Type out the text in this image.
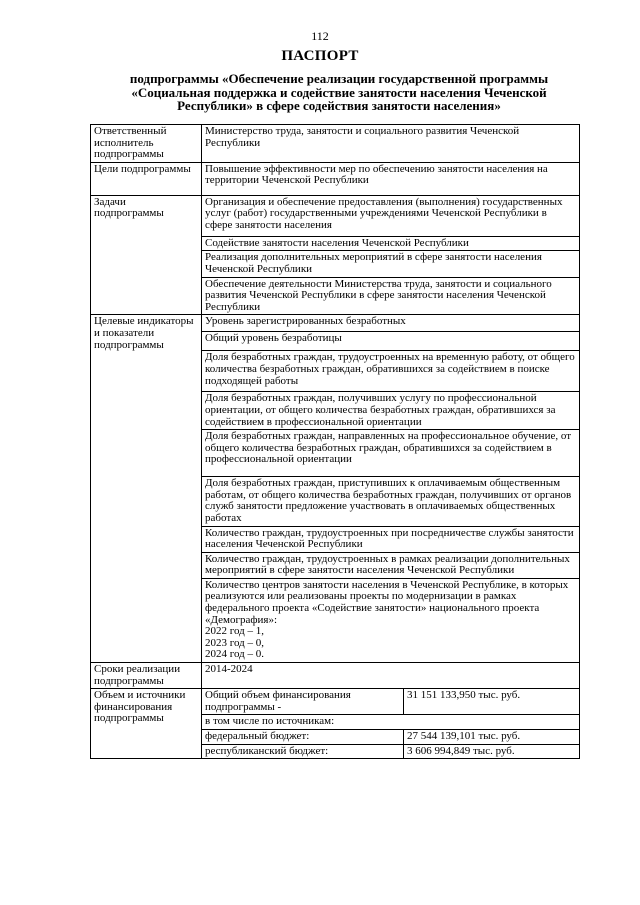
112
ПАСПОРТ
подпрограммы «Обеспечение реализации государственной программы «Социальная поддержка и содействие занятости населения Чеченской Республики» в сфере содействия занятости населения»
Ответственный исполнитель подпрограммы	Министерство труда, занятости и социального развития Чеченской Республики
Цели подпрограммы	Повышение эффективности мер по обеспечению занятости населения на территории Чеченской Республики
Задачи подпрограммы	Организация и обеспечение предоставления (выполнения) государственных услуг (работ) государственными учреждениями Чеченской Республики в сфере занятости населения
Содействие занятости населения Чеченской Республики
Реализация дополнительных мероприятий в сфере занятости населения Чеченской Республики
Обеспечение деятельности Министерства труда, занятости и социального развития Чеченской Республики в сфере занятости населения Чеченской Республики
Целевые индикаторы и показатели подпрограммы	Уровень зарегистрированных безработных
Общий уровень безработицы
Доля безработных граждан, трудоустроенных на временную работу, от общего количества безработных граждан, обратившихся за содействием в поиске подходящей работы
Доля безработных граждан, получивших услугу по профессиональной ориентации, от общего количества безработных граждан, обратившихся за содействием в профессиональной ориентации
Доля безработных граждан, направленных на профессиональное обучение, от общего количества безработных граждан, обратившихся за содействием в профессиональной ориентации
Доля безработных граждан, приступивших к оплачиваемым общественным работам, от общего количества безработных граждан, получивших от органов служб занятости предложение участвовать в оплачиваемых общественных работах
Количество граждан, трудоустроенных при посредничестве службы занятости населения Чеченской Республики
Количество граждан, трудоустроенных в рамках реализации дополнительных мероприятий в сфере занятости населения Чеченской Республики

Количество центров занятости населения в Чеченской Республике, в которых реализуются или реализованы проекты по модернизации в рамках федерального проекта «Содействие занятости» национального проекта «Демография»:
2022 год – 1,
2023 год – 0,
2024 год – 0.

Сроки реализации подпрограммы	2014-2024
Объем и источники финансирования подпрограммы	
Общий объем финансирования подпрограммы -	31 151 133,950 тыс. руб.
в том числе по источникам:
федеральный бюджет:	27 544 139,101 тыс. руб.
республиканский бюджет:	3 606 994,849 тыс. руб.
